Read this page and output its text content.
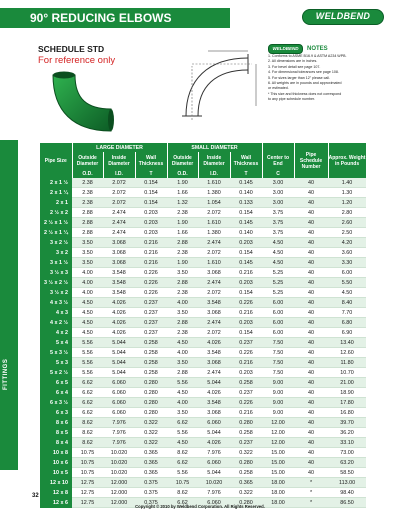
90° REDUCING ELBOWS	WELDBEND
SCHEDULE STD
For reference only
WELDBEND	NOTES
1. Conforms to ASME B16.9 & ASTM A234 WPB.
2. All dimensions are in inches.
3. For bevel detail see page 107.
4. For dimensional tolerances see page 108.
5. For sizes larger than 12" please call.
6. All weights are in pounds and approximated
or estimated.
* This size and thickness does not correspond
to any pipe schedule number.
FITTINGS
	LARGE DIAMETER			SMALL DIAMETER					
Pipe Size	Outside Diameter	Inside Diameter	Wall Thickness	Outside Diameter	Inside Diameter	Wall Thickness	Center to End	Pipe Schedule Number	Approx. Weight in Pounds
	O.D.	I.D.	T	O.D.	I.D.	T	C		
2 x 1 ½	2.38	2.072	0.154	1.90	1.610	0.145	3.00	40	1.40
2 x 1 ¼	2.38	2.072	0.154	1.66	1.380	0.140	3.00	40	1.30
2 x 1	2.38	2.072	0.154	1.32	1.054	0.133	3.00	40	1.20
2 ½ x 2	2.88	2.474	0.203	2.38	2.072	0.154	3.75	40	2.80
2 ½ x 1 ½	2.88	2.474	0.203	1.90	1.610	0.145	3.75	40	2.60
2 ½ x 1 ¼	2.88	2.474	0.203	1.66	1.380	0.140	3.75	40	2.50
3 x 2 ½	3.50	3.068	0.216	2.88	2.474	0.203	4.50	40	4.20
3 x 2	3.50	3.068	0.216	2.38	2.072	0.154	4.50	40	3.60
3 x 1 ½	3.50	3.068	0.216	1.90	1.610	0.145	4.50	40	3.30
3 ½ x 3	4.00	3.548	0.226	3.50	3.068	0.216	5.25	40	6.00
3 ½ x 2 ½	4.00	3.548	0.226	2.88	2.474	0.203	5.25	40	5.50
3 ½ x 2	4.00	3.548	0.226	2.38	2.072	0.154	5.25	40	4.50
4 x 3 ½	4.50	4.026	0.237	4.00	3.548	0.226	6.00	40	8.40
4 x 3	4.50	4.026	0.237	3.50	3.068	0.216	6.00	40	7.70
4 x 2 ½	4.50	4.026	0.237	2.88	2.474	0.203	6.00	40	6.80
4 x 2	4.50	4.026	0.237	2.38	2.072	0.154	6.00	40	6.90
5 x 4	5.56	5.044	0.258	4.50	4.026	0.237	7.50	40	13.40
5 x 3 ½	5.56	5.044	0.258	4.00	3.548	0.226	7.50	40	12.60
5 x 3	5.56	5.044	0.258	3.50	3.068	0.216	7.50	40	11.80
5 x 2 ½	5.56	5.044	0.258	2.88	2.474	0.203	7.50	40	10.70
6 x 5	6.62	6.060	0.280	5.56	5.044	0.258	9.00	40	21.00
6 x 4	6.62	6.060	0.280	4.50	4.026	0.237	9.00	40	18.90
6 x 3 ½	6.62	6.060	0.280	4.00	3.548	0.226	9.00	40	17.80
6 x 3	6.62	6.060	0.280	3.50	3.068	0.216	9.00	40	16.80
8 x 6	8.62	7.976	0.322	6.62	6.060	0.280	12.00	40	39.70
8 x 5	8.62	7.976	0.322	5.56	5.044	0.258	12.00	40	36.20
8 x 4	8.62	7.976	0.322	4.50	4.026	0.237	12.00	40	33.10
10 x 8	10.75	10.020	0.365	8.62	7.976	0.322	15.00	40	73.00
10 x 6	10.75	10.020	0.365	6.62	6.060	0.280	15.00	40	63.20
10 x 5	10.75	10.020	0.365	5.56	5.044	0.258	15.00	40	58.50
12 x 10	12.75	12.000	0.375	10.75	10.020	0.365	18.00	*	113.00
12 x 8	12.75	12.000	0.375	8.62	7.976	0.322	18.00	*	98.40
12 x 6	12.75	12.000	0.375	6.62	6.060	0.280	18.00	*	86.50
32
Copyright © 2010 by Weldbend Corporation. All Rights Reserved.
